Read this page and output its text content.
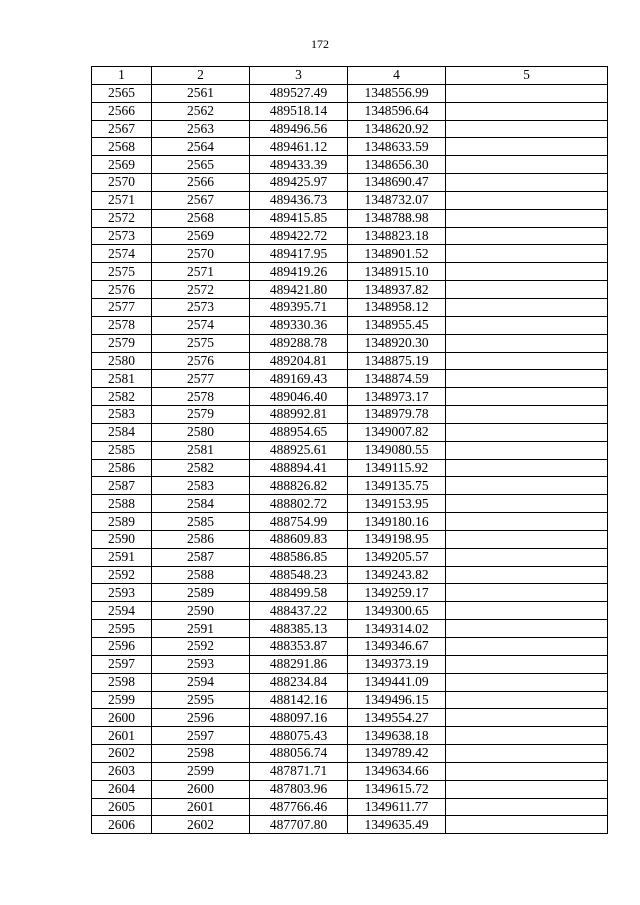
172
1	2	3	4	5
2565	2561	489527.49	1348556.99	
2566	2562	489518.14	1348596.64	
2567	2563	489496.56	1348620.92	
2568	2564	489461.12	1348633.59	
2569	2565	489433.39	1348656.30	
2570	2566	489425.97	1348690.47	
2571	2567	489436.73	1348732.07	
2572	2568	489415.85	1348788.98	
2573	2569	489422.72	1348823.18	
2574	2570	489417.95	1348901.52	
2575	2571	489419.26	1348915.10	
2576	2572	489421.80	1348937.82	
2577	2573	489395.71	1348958.12	
2578	2574	489330.36	1348955.45	
2579	2575	489288.78	1348920.30	
2580	2576	489204.81	1348875.19	
2581	2577	489169.43	1348874.59	
2582	2578	489046.40	1348973.17	
2583	2579	488992.81	1348979.78	
2584	2580	488954.65	1349007.82	
2585	2581	488925.61	1349080.55	
2586	2582	488894.41	1349115.92	
2587	2583	488826.82	1349135.75	
2588	2584	488802.72	1349153.95	
2589	2585	488754.99	1349180.16	
2590	2586	488609.83	1349198.95	
2591	2587	488586.85	1349205.57	
2592	2588	488548.23	1349243.82	
2593	2589	488499.58	1349259.17	
2594	2590	488437.22	1349300.65	
2595	2591	488385.13	1349314.02	
2596	2592	488353.87	1349346.67	
2597	2593	488291.86	1349373.19	
2598	2594	488234.84	1349441.09	
2599	2595	488142.16	1349496.15	
2600	2596	488097.16	1349554.27	
2601	2597	488075.43	1349638.18	
2602	2598	488056.74	1349789.42	
2603	2599	487871.71	1349634.66	
2604	2600	487803.96	1349615.72	
2605	2601	487766.46	1349611.77	
2606	2602	487707.80	1349635.49	
